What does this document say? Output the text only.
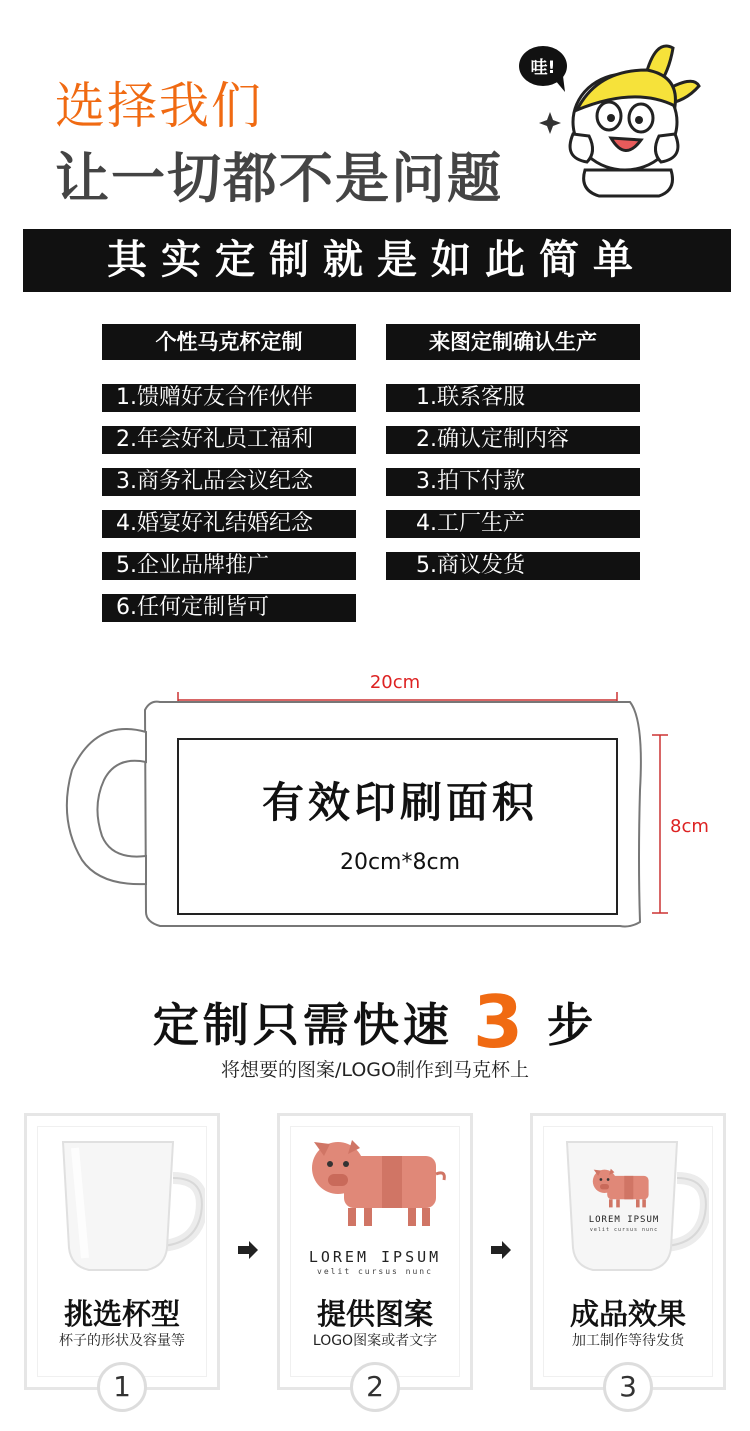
选择我们
让一切都不是问题
哇!
其实定制就是如此简单
个性马克杯定制
1.馈赠好友合作伙伴
2.年会好礼员工福利
3.商务礼品会议纪念
4.婚宴好礼结婚纪念
5.企业品牌推广
6.任何定制皆可
来图定制确认生产
1.联系客服
2.确认定制内容
3.拍下付款
4.工厂生产
5.商议发货
20cm
8cm
有效印刷面积
20cm*8cm
定制只需快速 3 步
将想要的图案/LOGO制作到马克杯上
挑选杯型
杯子的形状及容量等
1
LOREM IPSUM
velit cursus nunc
提供图案
LOGO图案或者文字
2
LOREM IPSUM
velit cursus nunc
成品效果
加工制作等待发货
3
